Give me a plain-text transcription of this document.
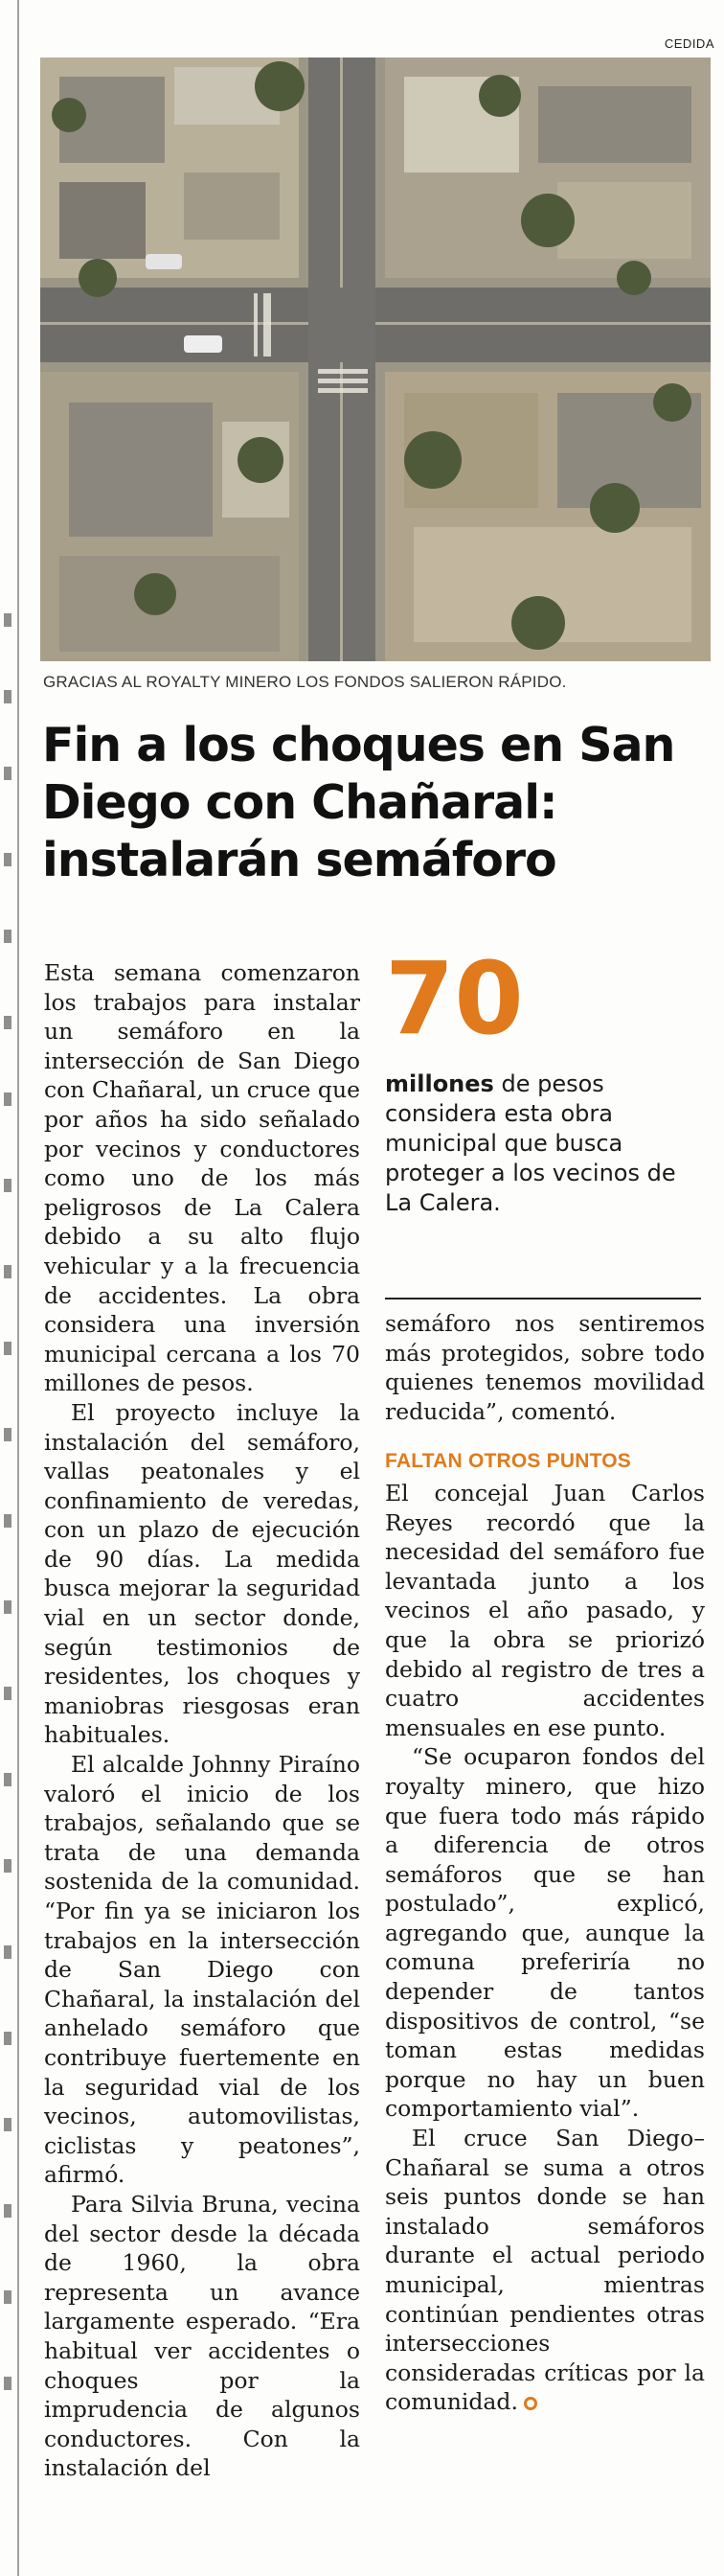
CEDIDA
GRACIAS AL ROYALTY MINERO LOS FONDOS SALIERON RÁPIDO.
Fin a los choques en San
Diego con Chañaral:
instalarán semáforo

Esta semana comenzaron los trabajos para instalar un semáforo en la intersección de San Diego con Chañaral, un cruce que por años ha sido señalado por vecinos y conductores como uno de los más peligrosos de La Calera debido a su alto flujo vehicular y a la frecuencia de accidentes. La obra considera una inversión municipal cercana a los 70 millones de pesos.

El proyecto incluye la instalación del semáforo, vallas peatonales y el confinamiento de veredas, con un plazo de ejecución de 90 días. La medida busca mejorar la seguridad vial en un sector donde, según testimonios de residentes, los choques y maniobras riesgosas eran habituales.

El alcalde Johnny Piraíno valoró el inicio de los trabajos, señalando que se trata de una demanda sostenida de la comunidad. “Por fin ya se iniciaron los trabajos en la intersección de San Diego con Chañaral, la instalación del anhelado semáforo que contribuye fuertemente en la seguridad vial de los vecinos, automovilistas, ciclistas y peatones”, afirmó.

Para Silvia Bruna, vecina del sector desde la década de 1960, la obra representa un avance largamente esperado. “Era habitual ver accidentes o choques por la imprudencia de algunos conductores. Con la instalación del

70
millones de pesos considera esta obra municipal que busca proteger a los vecinos de La Calera.

semáforo nos sentiremos más protegidos, sobre todo quienes tenemos movilidad reducida”, comentó.

FALTAN OTROS PUNTOS

El concejal Juan Carlos Reyes recordó que la necesidad del semáforo fue levantada junto a los vecinos el año pasado, y que la obra se priorizó debido al registro de tres a cuatro accidentes mensuales en ese punto.

“Se ocuparon fondos del royalty minero, que hizo que fuera todo más rápido a diferencia de otros semáforos que se han postulado”, explicó, agregando que, aunque la comuna preferiría no depender de tantos dispositivos de control, “se toman estas medidas porque no hay un buen comportamiento vial”.

El cruce San Diego–Chañaral se suma a otros seis puntos donde se han instalado semáforos durante el actual periodo municipal, mientras continúan pendientes otras intersecciones consideradas críticas por la comunidad.
